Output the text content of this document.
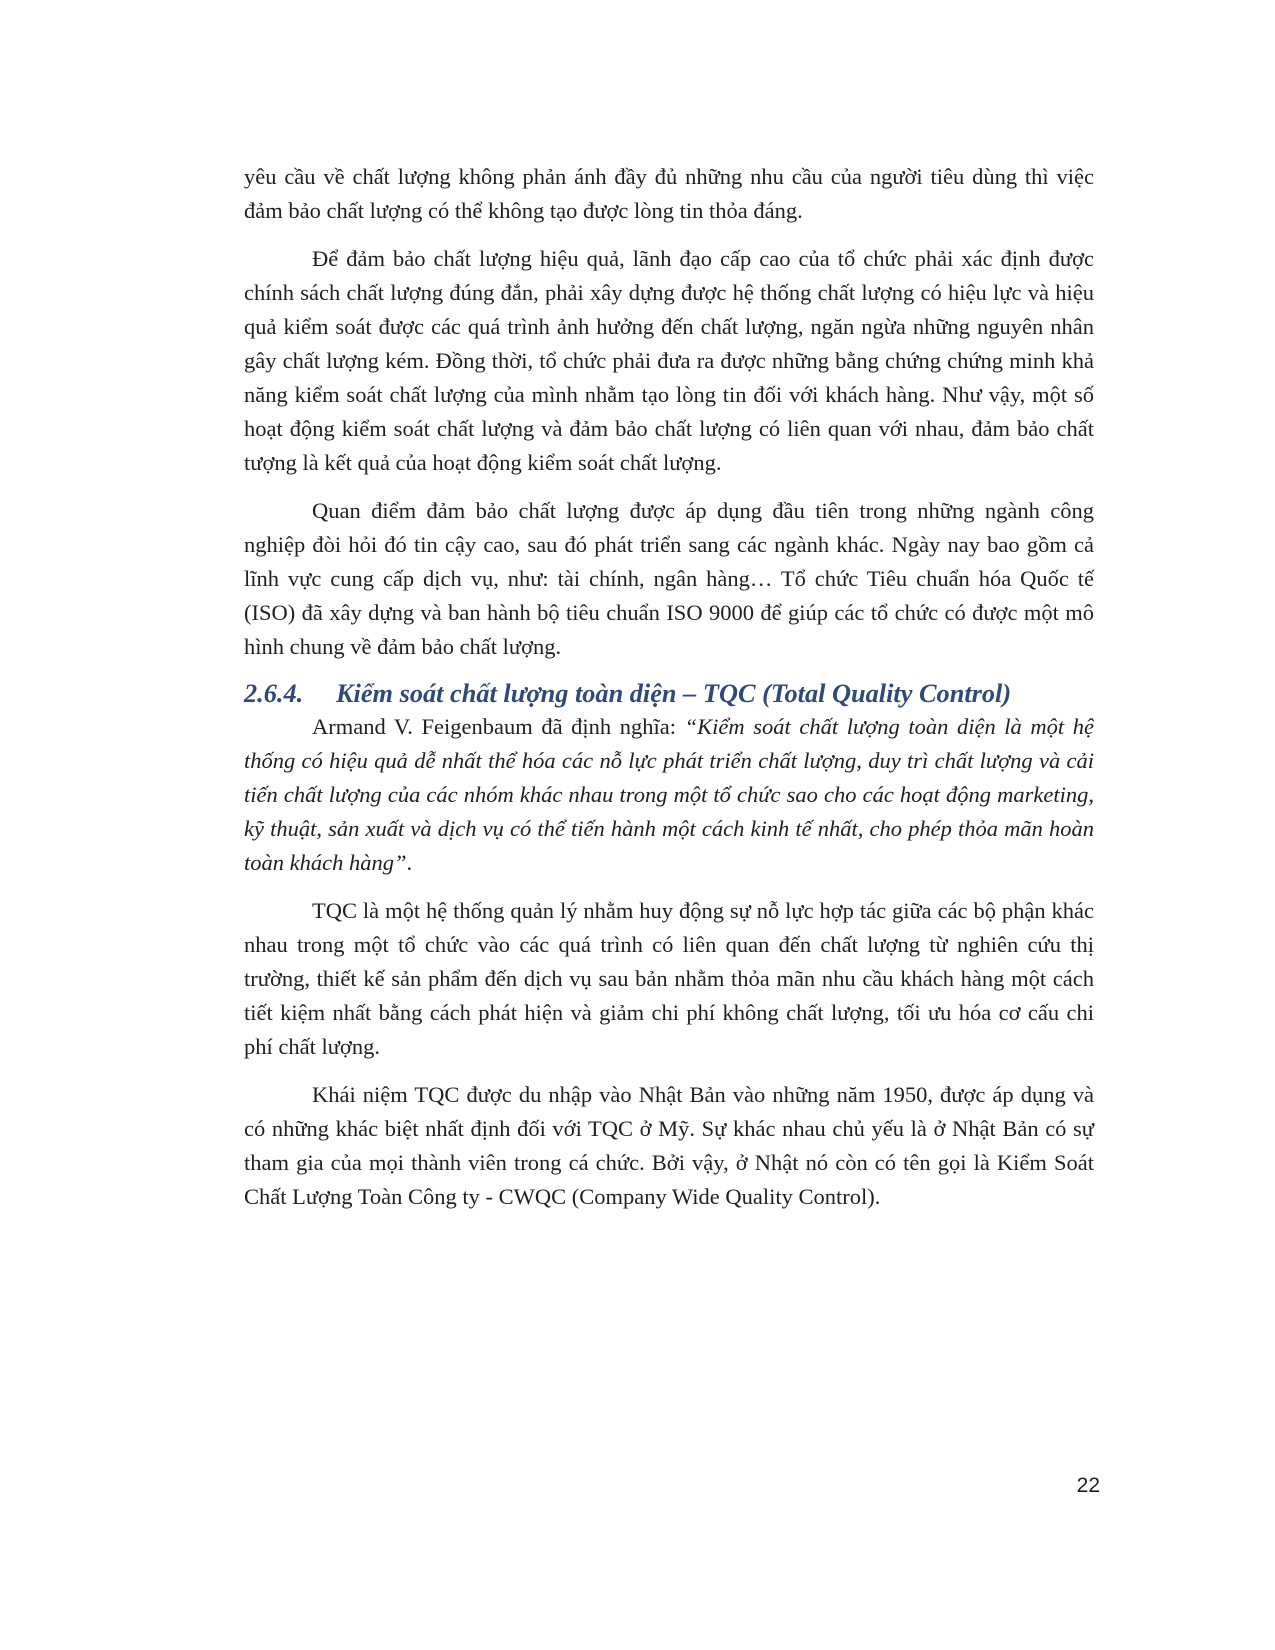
yêu cầu về chất lượng không phản ánh đầy đủ những nhu cầu của người tiêu dùng thì việc đảm bảo chất lượng có thể không tạo được lòng tin thỏa đáng.

Để đảm bảo chất lượng hiệu quả, lãnh đạo cấp cao của tổ chức phải xác định được chính sách chất lượng đúng đắn, phải xây dựng được hệ thống chất lượng có hiệu lực và hiệu quả kiểm soát được các quá trình ảnh hưởng đến chất lượng, ngăn ngừa những nguyên nhân gây chất lượng kém. Đồng thời, tổ chức phải đưa ra được những bằng chứng chứng minh khả năng kiểm soát chất lượng của mình nhằm tạo lòng tin đối với khách hàng. Như vậy, một số hoạt động kiểm soát chất lượng và đảm bảo chất lượng có liên quan với nhau, đảm bảo chất tượng là kết quả của hoạt động kiểm soát chất lượng.

Quan điểm đảm bảo chất lượng được áp dụng đầu tiên trong những ngành công nghiệp đòi hỏi đó tin cậy cao, sau đó phát triển sang các ngành khác. Ngày nay bao gồm cả lĩnh vực cung cấp dịch vụ, như: tài chính, ngân hàng… Tổ chức Tiêu chuẩn hóa Quốc tế (ISO) đã xây dựng và ban hành bộ tiêu chuẩn ISO 9000 để giúp các tổ chức có được một mô hình chung về đảm bảo chất lượng.

2.6.4.	Kiểm soát chất lượng toàn diện – TQC (Total Quality Control)

Armand V. Feigenbaum đã định nghĩa: “Kiểm soát chất lượng toàn diện là một hệ thống có hiệu quả dễ nhất thể hóa các nỗ lực phát triển chất lượng, duy trì chất lượng và cải tiến chất lượng của các nhóm khác nhau trong một tổ chức sao cho các hoạt động marketing, kỹ thuật, sản xuất và dịch vụ có thể tiến hành một cách kinh tế nhất, cho phép thỏa mãn hoàn toàn khách hàng”.

TQC là một hệ thống quản lý nhằm huy động sự nỗ lực hợp tác giữa các bộ phận khác nhau trong một tổ chức vào các quá trình có liên quan đến chất lượng từ nghiên cứu thị trường, thiết kế sản phẩm đến dịch vụ sau bản nhằm thỏa mãn nhu cầu khách hàng một cách tiết kiệm nhất bằng cách phát hiện và giảm chi phí không chất lượng, tối ưu hóa cơ cấu chi phí chất lượng.

Khái niệm TQC được du nhập vào Nhật Bản vào những năm 1950, được áp dụng và có những khác biệt nhất định đối với TQC ở Mỹ. Sự khác nhau chủ yếu là ở Nhật Bản có sự tham gia của mọi thành viên trong cá chức. Bởi vậy, ở Nhật nó còn có tên gọi là Kiểm Soát Chất Lượng Toàn Công ty - CWQC (Company Wide Quality Control).

22
